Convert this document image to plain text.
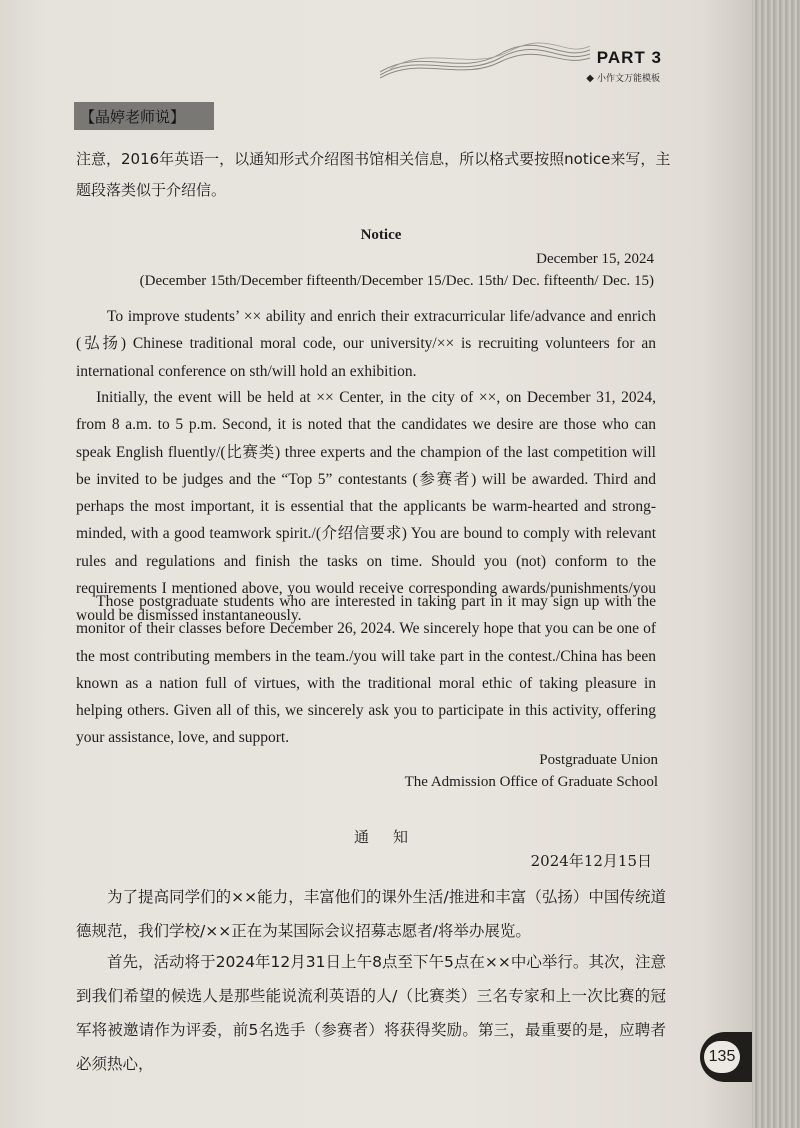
PART 3
◆ 小作文万能模板
【晶婷老师说】
注意，2016年英语一，以通知形式介绍图书馆相关信息，所以格式要按照notice来写，主题段落类似于介绍信。
Notice
December 15, 2024
(December 15th/December fifteenth/December 15/Dec. 15th/ Dec. fifteenth/ Dec. 15)
To improve students’ ×× ability and enrich their extracurricular life/advance and enrich (弘扬) Chinese traditional moral code, our university/×× is recruiting volunteers for an international conference on sth/will hold an exhibition.
Initially, the event will be held at ×× Center, in the city of ××, on December 31, 2024, from 8 a.m. to 5 p.m. Second, it is noted that the candidates we desire are those who can speak English fluently/(比赛类) three experts and the champion of the last competition will be invited to be judges and the “Top 5” contestants (参赛者) will be awarded. Third and perhaps the most important, it is essential that the applicants be warm-hearted and strong-minded, with a good teamwork spirit./(介绍信要求) You are bound to comply with relevant rules and regulations and finish the tasks on time. Should you (not) conform to the requirements I mentioned above, you would receive corresponding awards/punishments/you would be dismissed instantaneously.
Those postgraduate students who are interested in taking part in it may sign up with the monitor of their classes before December 26, 2024. We sincerely hope that you can be one of the most contributing members in the team./you will take part in the contest./China has been known as a nation full of virtues, with the traditional moral ethic of taking pleasure in helping others. Given all of this, we sincerely ask you to participate in this activity, offering your assistance, love, and support.
Postgraduate Union
The Admission Office of Graduate School
通知
2024年12月15日
为了提高同学们的××能力，丰富他们的课外生活/推进和丰富（弘扬）中国传统道德规范，我们学校/××正在为某国际会议招募志愿者/将举办展览。
首先，活动将于2024年12月31日上午8点至下午5点在××中心举行。其次，注意到我们希望的候选人是那些能说流利英语的人/（比赛类）三名专家和上一次比赛的冠军将被邀请作为评委，前5名选手（参赛者）将获得奖励。第三，最重要的是，应聘者必须热心，	135
